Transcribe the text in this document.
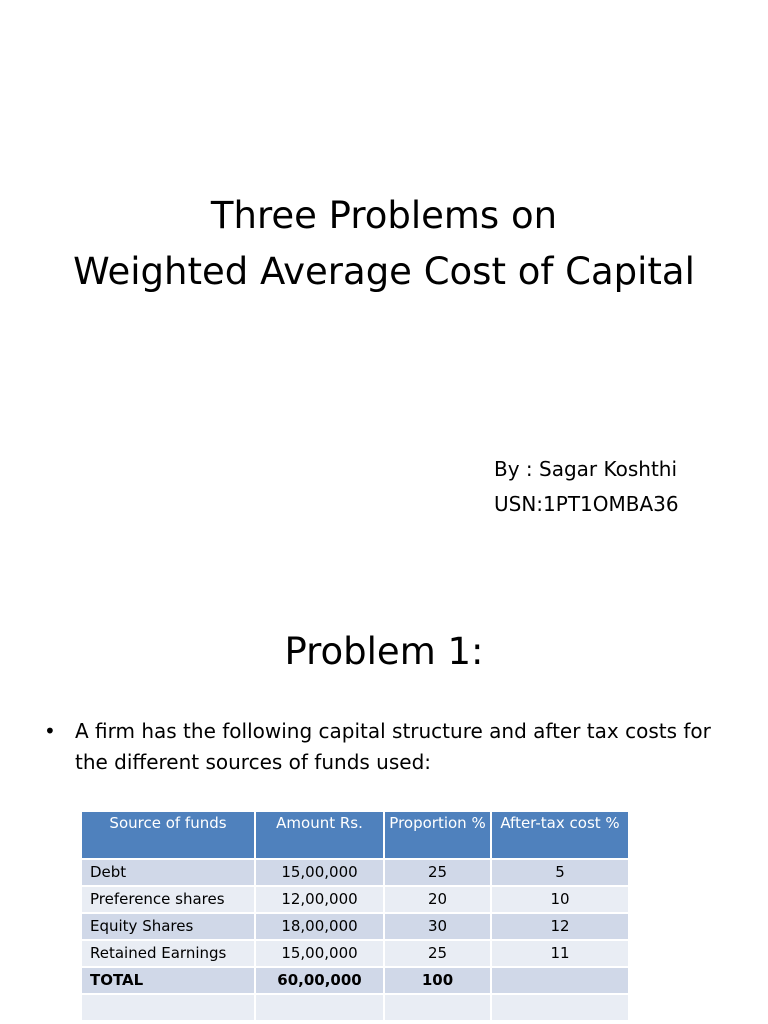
Three Problems on
Weighted Average Cost of Capital

By : Sagar Koshthi

USN:1PT1OMBA36

Problem 1:
• A firm has the following capital structure and after tax costs for the different sources of funds used:
Source of funds	Amount Rs.	Proportion %	After-tax cost %
Debt	15,00,000	25	5
Preference shares	12,00,000	20	10
Equity Shares	18,00,000	30	12
Retained Earnings	15,00,000	25	11
TOTAL	60,00,000	100	
